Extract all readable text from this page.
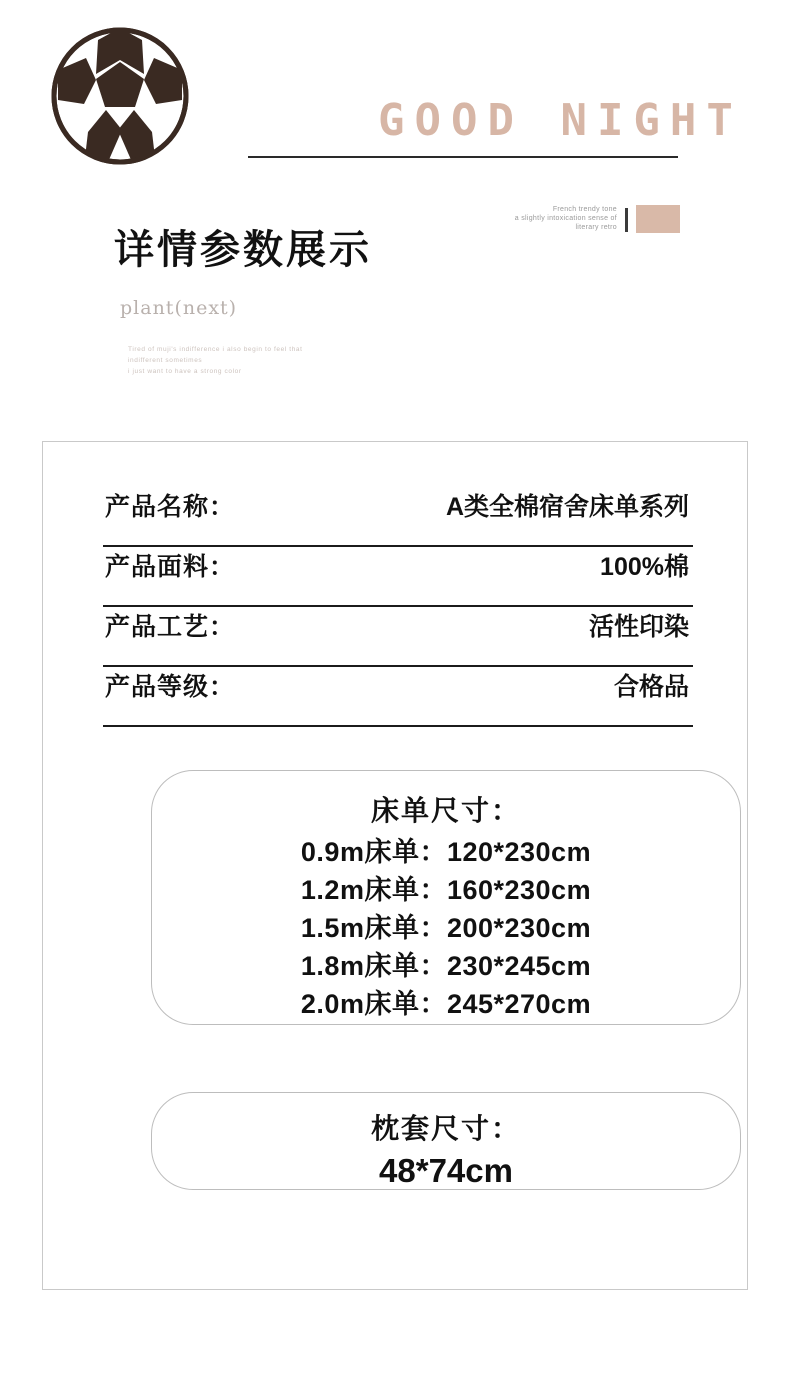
GOOD NIGHT
French trendy tone
a slightly intoxication sense of
literary retro
详情参数展示
plant(next)
Tired of muji's indifference i also begin to feel that
indifferent sometimes
i just want to have a strong color
产品名称：	A类全棉宿舍床单系列
产品面料：	100%棉
产品工艺：	活性印染
产品等级：	合格品
床单尺寸：
0.9m床单：120*230cm
1.2m床单：160*230cm
1.5m床单：200*230cm
1.8m床单：230*245cm
2.0m床单：245*270cm
枕套尺寸：
48*74cm
